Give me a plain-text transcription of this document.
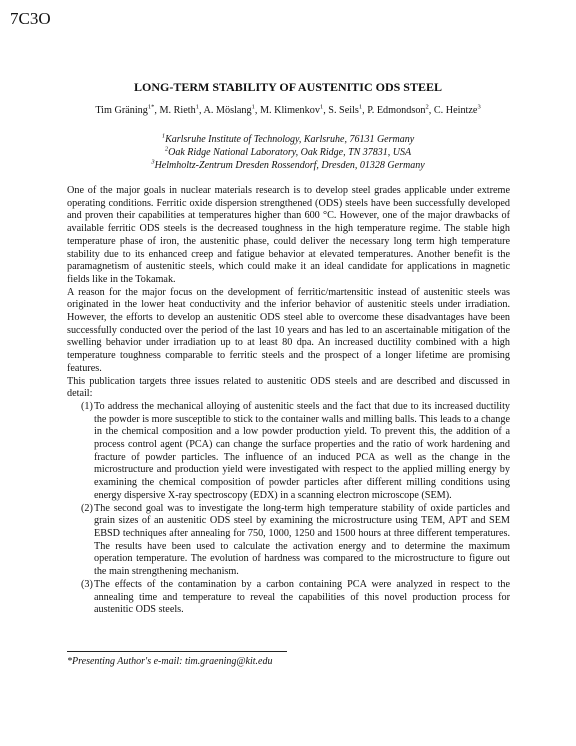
7C3O
LONG-TERM STABILITY OF AUSTENITIC ODS STEEL
Tim Gräning$^{1*}$, M. Rieth$^1$, A. Möslang$^1$, M. Klimenkov$^1$, S. Seils$^1$, P. Edmondson$^2$, C. Heintze$^3$
$^1$Karlsruhe Institute of Technology, Karlsruhe, 76131 Germany
$^2$Oak Ridge National Laboratory, Oak Ridge, TN 37831, USA
$^3$Helmholtz-Zentrum Dresden Rossendorf, Dresden, 01328 Germany

One of the major goals in nuclear materials research is to develop steel grades applicable under extreme operating conditions. Ferritic oxide dispersion strengthened (ODS) steels have been successfully developed and proven their capabilities at temperatures higher than 600 °C. However, one of the major drawbacks of available ferritic ODS steels is the decreased toughness in the high temperature regime. The stable high temperature phase of iron, the austenitic phase, could deliver the necessary long term high temperature stability due to its enhanced creep and fatigue behavior at elevated temperatures. Another benefit is the paramagnetism of austenitic steels, which could make it an ideal candidate for applications in magnetic fields like in the Tokamak.

A reason for the major focus on the development of ferritic/martensitic instead of austenitic steels was originated in the lower heat conductivity and the inferior behavior of austenitic steels under irradiation. However, the efforts to develop an austenitic ODS steel able to overcome these disadvantages have been successfully conducted over the period of the last 10 years and has led to an ascertainable mitigation of the swelling behavior under irradiation up to at least 80 dpa. An increased ductility combined with a high temperature toughness comparable to ferritic steels and the prospect of a longer lifetime are promising features.

This publication targets three issues related to austenitic ODS steels and are described and discussed in detail:

(1) To address the mechanical alloying of austenitic steels and the fact that due to its increased ductility the powder is more susceptible to stick to the container walls and milling balls. This leads to a change in the chemical composition and a low powder production yield. To prevent this, the addition of a process control agent (PCA) can change the surface properties and the ratio of work hardening and fracture of powder particles. The influence of an induced PCA as well as the change in the microstructure and production yield were investigated with respect to the applied milling energy by examining the chemical composition of powder particles after different milling conditions using energy dispersive X-ray spectroscopy (EDX) in a scanning electron microscope (SEM).
(2) The second goal was to investigate the long-term high temperature stability of oxide particles and grain sizes of an austenitic ODS steel by examining the microstructure using TEM, APT and SEM EBSD techniques after annealing for 750, 1000, 1250 and 1500 hours at three different temperatures. The results have been used to calculate the activation energy and to determine the maximum operation temperature. The evolution of hardness was compared to the microstructure to figure out the main strengthening mechanism.
(3) The effects of the contamination by a carbon containing PCA were analyzed in respect to the annealing time and temperature to reveal the capabilities of this novel production process for austenitic ODS steels.
*Presenting Author's e-mail: tim.graening@kit.edu
